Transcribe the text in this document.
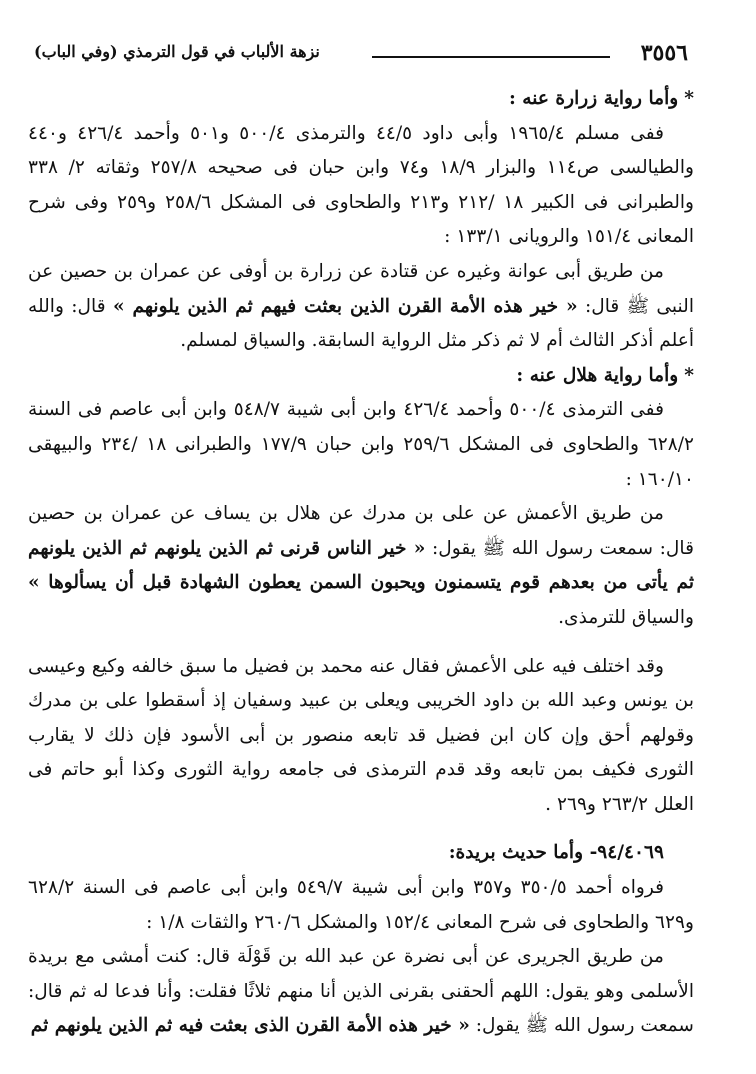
٣٥٥٦
نزهة الألباب في قول الترمذي (وفي الباب)

*وأما رواية زرارة عنه :

ففى مسلم ١٩٦٥/٤ وأبى داود ٤٤/٥ والترمذى ٥٠٠/٤ و٥٠١ وأحمد ٤٢٦/٤ و٤٤٠ والطيالسى ص١١٤ والبزار ١٨/٩ و٧٤ وابن حبان فى صحيحه ٢٥٧/٨ وثقاته ٢/ ٣٣٨ والطبرانى فى الكبير ١٨ /٢١٢ و٢١٣ والطحاوى فى المشكل ٢٥٨/٦ و٢٥٩ وفى شرح المعانى ١٥١/٤ والرويانى ١٣٣/١ :

من طريق أبى عوانة وغيره عن قتادة عن زرارة بن أوفى عن عمران بن حصين عن النبى ﷺ قال: « خير هذه الأمة القرن الذين بعثت فيهم ثم الذين يلونهم » قال: والله أعلم أذكر الثالث أم لا ثم ذكر مثل الرواية السابقة. والسياق لمسلم.

*وأما رواية هلال عنه :

ففى الترمذى ٥٠٠/٤ وأحمد ٤٢٦/٤ وابن أبى شيبة ٥٤٨/٧ وابن أبى عاصم فى السنة ٦٢٨/٢ والطحاوى فى المشكل ٢٥٩/٦ وابن حبان ١٧٧/٩ والطبرانى ١٨ /٢٣٤ والبيهقى ١٦٠/١٠ :

من طريق الأعمش عن على بن مدرك عن هلال بن يساف عن عمران بن حصين قال: سمعت رسول الله ﷺ يقول: « خير الناس قرنى ثم الذين يلونهم ثم الذين يلونهم ثم يأتى من بعدهم قوم يتسمنون ويحبون السمن يعطون الشهادة قبل أن يسألوها » والسياق للترمذى.

وقد اختلف فيه على الأعمش فقال عنه محمد بن فضيل ما سبق خالفه وكيع وعيسى بن يونس وعبد الله بن داود الخريبى ويعلى بن عبيد وسفيان إذ أسقطوا على بن مدرك وقولهم أحق وإن كان ابن فضيل قد تابعه منصور بن أبى الأسود فإن ذلك لا يقارب الثورى فكيف بمن تابعه وقد قدم الترمذى فى جامعه رواية الثورى وكذا أبو حاتم فى العلل ٢٦٣/٢ و٢٦٩ .

٩٤/٤٠٦٩- وأما حديث بريدة:

فرواه أحمد ٣٥٠/٥ و٣٥٧ وابن أبى شيبة ٥٤٩/٧ وابن أبى عاصم فى السنة ٦٢٨/٢ و٦٢٩ والطحاوى فى شرح المعانى ١٥٢/٤ والمشكل ٢٦٠/٦ والثقات ١/٨ :

من طريق الجريرى عن أبى نضرة عن عبد الله بن قَوْلَة قال: كنت أمشى مع بريدة الأسلمى وهو يقول: اللهم ألحقنى بقرنى الذين أنا منهم ثلاثًا فقلت: وأنا فدعا له ثم قال: سمعت رسول الله ﷺ يقول: « خير هذه الأمة القرن الذى بعثت فيه ثم الذين يلونهم ثم
